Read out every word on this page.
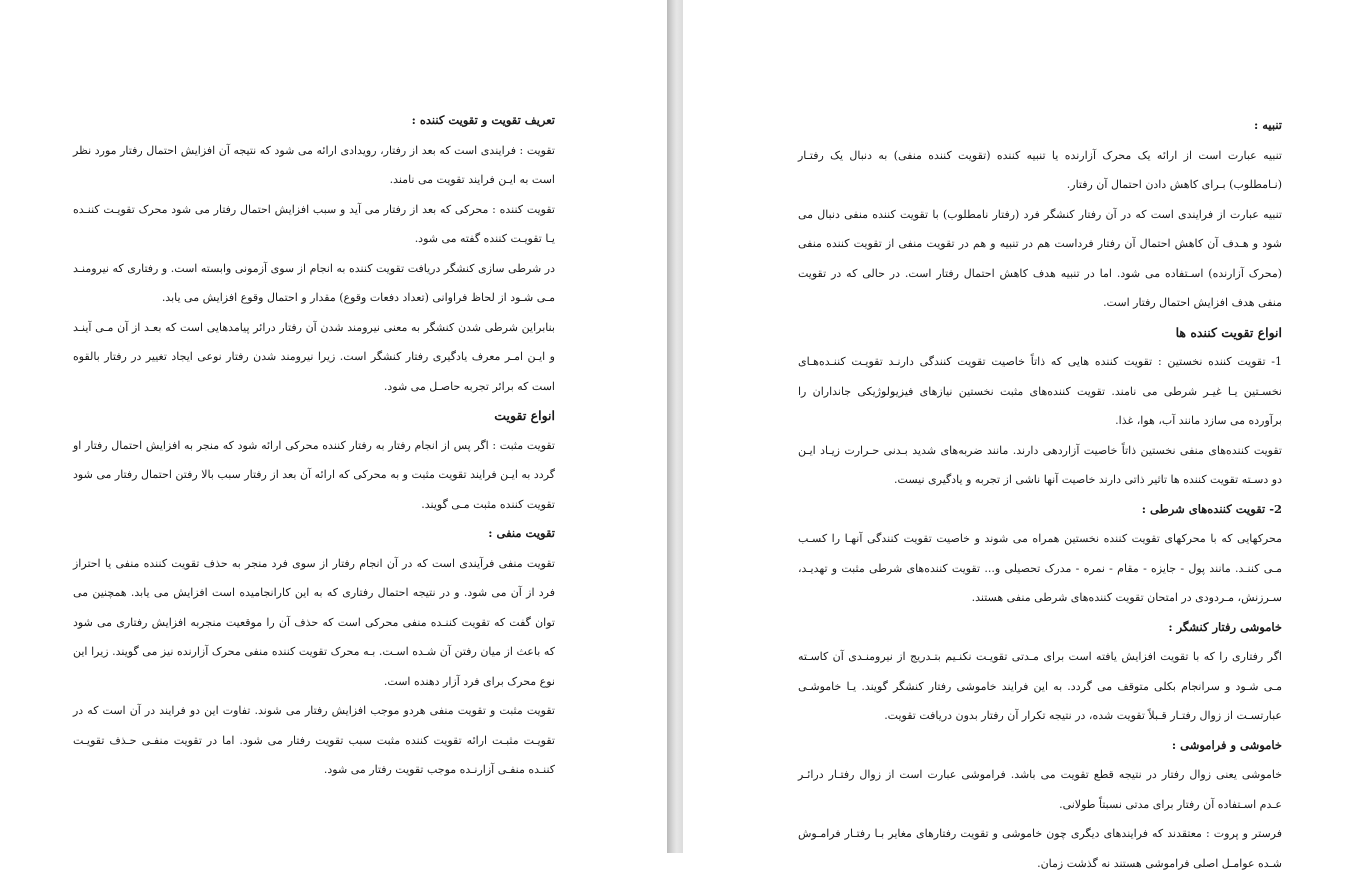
تعریف تقویت و تقویت کننده :

تقویت : فرایندی است که بعد از رفتار، رویدادی ارائه می شود که نتیجه آن افزایش احتمال رفتار مورد نظر است به ایـن فرایند تقویت می نامند.

تقویت کننده : محرکی که بعد از رفتار می آید و سبب افزایش احتمال رفتار می شود محرک تقویـت کننـده یـا تقویـت کننده گفته می شود.

در شرطی سازی کنشگر دریافت تقویت کننده به انجام از سوی آزمونی وابسته است. و رفتاری که نیرومنـد مـی شـود از لحاظ فراوانی (تعداد دفعات وقوع) مقدار و احتمال وقوع افزایش می یابد.

بنابراین شرطی شدن کنشگر به معنی نیرومند شدن آن رفتار درائر پیامدهایی است که بعـد از آن مـی آینـد و ایـن امـر معرف یادگیری رفتار کنشگر است. زیرا نیرومند شدن رفتار نوعی ایجاد تغییر در رفتار بالقوه است که برائر تجربه حاصـل می شود.

انواع تقویت

تقویت مثبت : اگر پس از انجام رفتار به رفتار کننده محرکی ارائه شود که منجر به افزایش احتمال رفتار او گردد به ایـن فرایند تقویت مثبت و به محرکی که ارائه آن بعد از رفتار سبب بالا رفتن احتمال رفتار می شود تقویت کننده مثبت مـی گویند.

تقویت منفی :

تقویت منفی فرآیندی است که در آن انجام رفتار از سوی فرد منجر به حذف تقویت کننده منفی یا احتراز فرد از آن می شود. و در نتیجه احتمال رفتاری که به این کارانجامیده است افزایش می یابد. همچنین می توان گفت که تقویت کننـده منفی محرکی است که حذف آن را موقعیت منجربه افزایش رفتاری می شود که باعث از میان رفتن آن شـده اسـت. بـه محرک تقویت کننده منفی محرک آزارنده نیز می گویند. زیرا این نوع محرک برای فرد آزار دهنده است.

تقویت مثبت و تقویت منفی هردو موجب افزایش رفتار می شوند. تفاوت این دو فرایند در آن است که در تقویـت مثبـت ارائه تقویت کننده مثبت سبب تقویت رفتار می شود. اما در تقویت منفـی حـذف تقویـت کننـده منفـی آزارنـده موجب تقویت رفتار می شود.

تنبیه :

تنبیه عبارت است از ارائه یک محرک آزارنده یا تنبیه کننده (تقویت کننده منفی) به دنبال یک رفتـار (نـامطلوب) بـرای کاهش دادن احتمال آن رفتار.

تنبیه عبارت از فرایندی است که در آن رفتار کنشگر فرد (رفتار نامطلوب) با تقویت کننده منفی دنبال می شود و هـدف آن کاهش احتمال آن رفتار فرداست هم در تنبیه و هم در تقویت منفی از تقویت کننده منفی (محرک آزارنده) اسـتفاده می شود. اما در تنبیه هدف کاهش احتمال رفتار است. در حالی که در تقویت منفی هدف افزایش احتمال رفتار است.

انواع تقویت کننده ها

1- تقویت کننده نخستین : تقویت کننده هایی که ذاتاً خاصیت تقویت کنندگی دارنـد تقویـت کننـده‌هـای نخسـتین یـا غیـر شرطی می نامند. تقویت کننده‌های مثبت نخستین نیازهای فیزیولوژیکی جانداران را برآورده می سازد مانند آب، هوا، غذا.

تقویت کننده‌های منفی نخستین ذاتاً خاصیت آزاردهی دارند. مانند ضربه‌های شدید بـدنی حـرارت زیـاد ایـن دو دسـته تقویت کننده ها تاثیر ذاتی دارند خاصیت آنها ناشی از تجربه و یادگیری نیست.

2- تقویت کننده‌های شرطی :

محرکهایی که با محرکهای تقویت کننده نخستین همراه می شوند و خاصیت تقویت کنندگی آنهـا را کسـب مـی کننـد. مانند پول - جایزه - مقام - نمره - مدرک تحصیلی و... تقویت کننده‌های شرطی مثبت و تهدیـد، سـرزنش، مـردودی در امتحان تقویت کننده‌های شرطی منفی هستند.

خاموشی رفتار کنشگر :

اگر رفتاری را که با تقویت افزایش یافته است برای مـدتی تقویـت نکنـیم بتـدریج از نیرومنـدی آن کاسـته مـی شـود و سرانجام بکلی متوقف می گردد. به این فرایند خاموشی رفتار کنشگر گویند. یـا خاموشـی عبارتسـت از زوال رفتـار قـبلاً تقویت شده، در نتیجه تکرار آن رفتار بدون دریافت تقویت.

خاموشی و فراموشی :

خاموشی یعنی زوال رفتار در نتیجه قطع تقویت می باشد. فراموشی عبارت است از زوال رفتـار درائـر عـدم اسـتفاده آن رفتار برای مدتی نسبتاً طولانی.

فرستر و پروت : معتقدند که فرایندهای دیگری چون خاموشی و تقویت رفتارهای مغایر بـا رفتـار فرامـوش شـده عوامـل اصلی فراموشی هستند نه گذشت زمان.
